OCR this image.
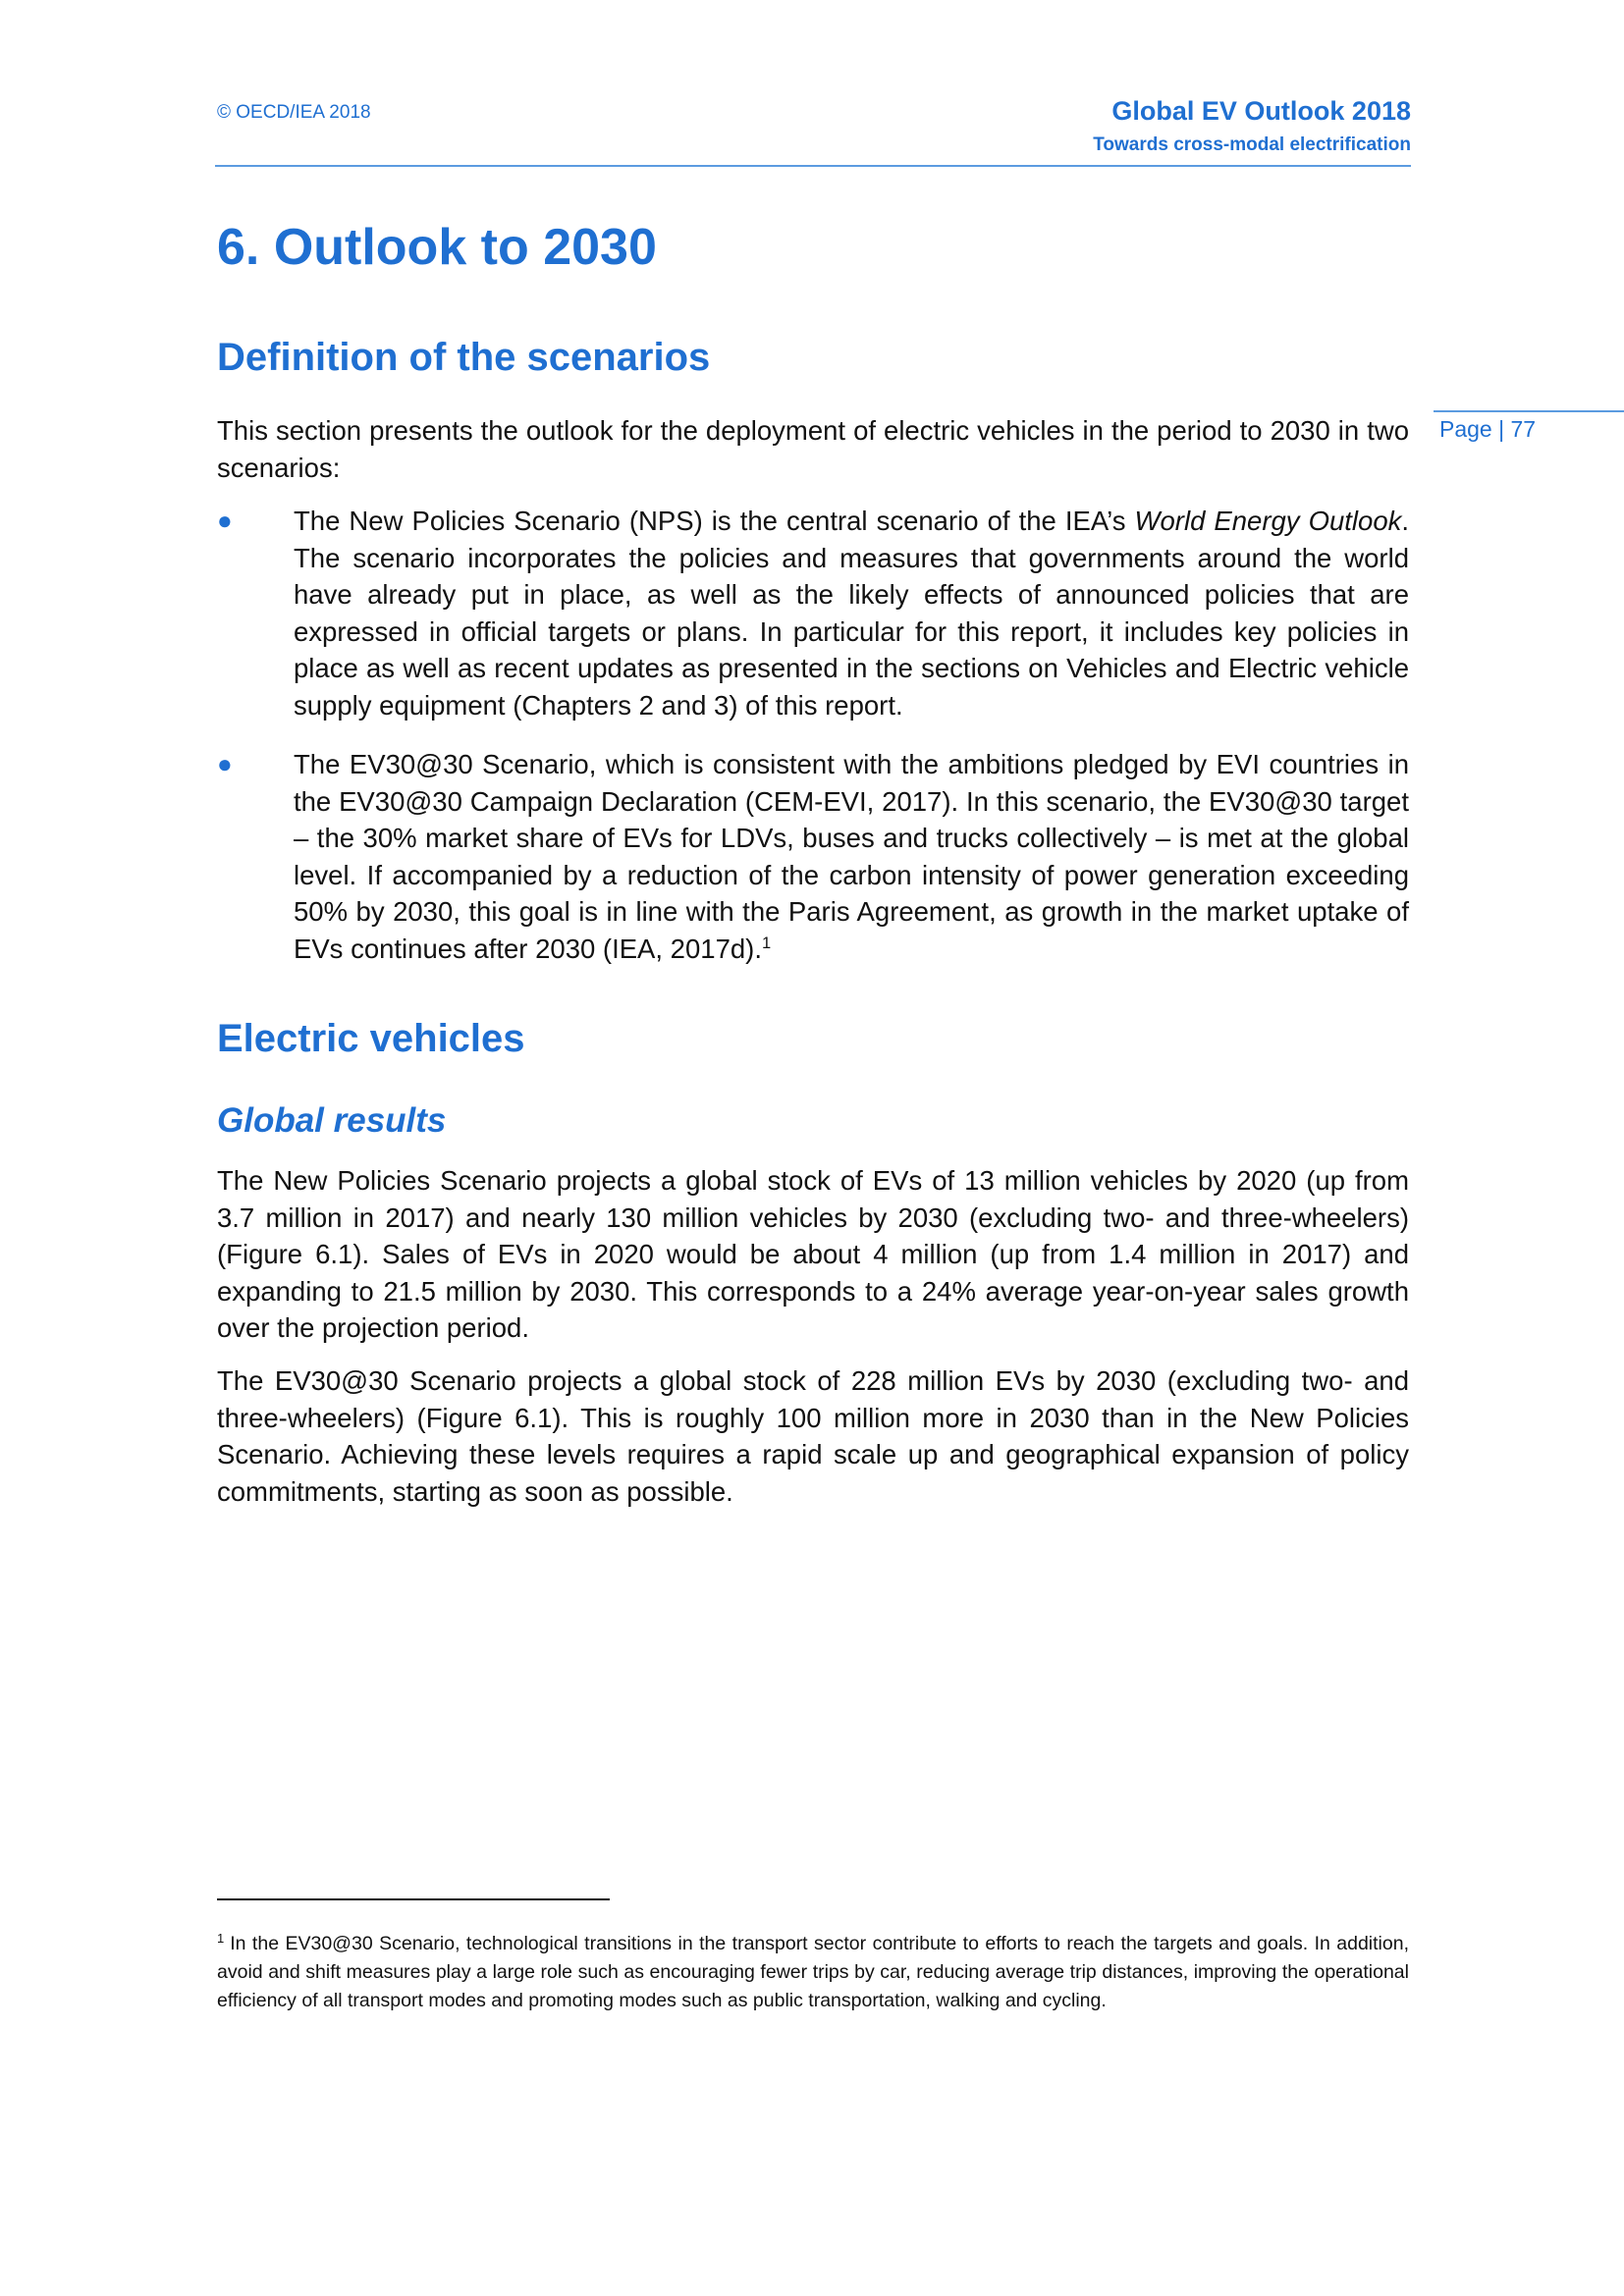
© OECD/IEA 2018	Global EV Outlook 2018
Towards cross-modal electrification
Page | 77
6. Outlook to 2030
Definition of the scenarios
This section presents the outlook for the deployment of electric vehicles in the period to 2030 in two scenarios:
●	The New Policies Scenario (NPS) is the central scenario of the IEA’s World Energy Outlook. The scenario incorporates the policies and measures that governments around the world have already put in place, as well as the likely effects of announced policies that are expressed in official targets or plans. In particular for this report, it includes key policies in place as well as recent updates as presented in the sections on Vehicles and Electric vehicle supply equipment (Chapters 2 and 3) of this report.
●	The EV30@30 Scenario, which is consistent with the ambitions pledged by EVI countries in the EV30@30 Campaign Declaration (CEM-EVI, 2017). In this scenario, the EV30@30 target – the 30% market share of EVs for LDVs, buses and trucks collectively – is met at the global level. If accompanied by a reduction of the carbon intensity of power generation exceeding 50% by 2030, this goal is in line with the Paris Agreement, as growth in the market uptake of EVs continues after 2030 (IEA, 2017d).$^1$
Electric vehicles
Global results
The New Policies Scenario projects a global stock of EVs of 13 million vehicles by 2020 (up from 3.7 million in 2017) and nearly 130 million vehicles by 2030 (excluding two- and three-wheelers) (Figure 6.1). Sales of EVs in 2020 would be about 4 million (up from 1.4 million in 2017) and expanding to 21.5 million by 2030. This corresponds to a 24% average year-on-year sales growth over the projection period.
The EV30@30 Scenario projects a global stock of 228 million EVs by 2030 (excluding two- and three-wheelers) (Figure 6.1). This is roughly 100 million more in 2030 than in the New Policies Scenario. Achieving these levels requires a rapid scale up and geographical expansion of policy commitments, starting as soon as possible.
$^1$ In the EV30@30 Scenario, technological transitions in the transport sector contribute to efforts to reach the targets and goals. In addition, avoid and shift measures play a large role such as encouraging fewer trips by car, reducing average trip distances, improving the operational efficiency of all transport modes and promoting modes such as public transportation, walking and cycling.
